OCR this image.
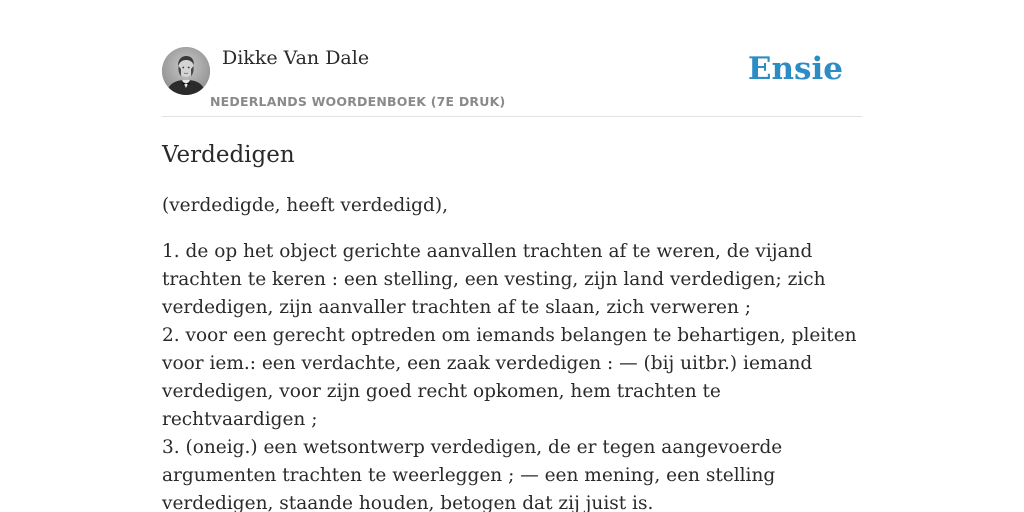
Dikke Van Dale
NEDERLANDS WOORDENBOEK (7E DRUK)
Ensie
Verdedigen

(verdedigde, heeft verdedigd),

1. de op het object gerichte aanvallen trachten af te weren, de vijand trachten te keren : een stelling, een vesting, zijn land verdedigen; zich verdedigen, zijn aanvaller trachten af te slaan, zich verweren ;

2. voor een gerecht optreden om iemands belangen te behartigen, pleiten voor iem.: een verdachte, een zaak verdedigen : — (bij uitbr.) iemand verdedigen, voor zijn goed recht opkomen, hem trachten te rechtvaardigen ;

3. (oneig.) een wetsontwerp verdedigen, de er tegen aangevoerde argumenten trachten te weerleggen ; — een mening, een stelling verdedigen, staande houden, betogen dat zij juist is.
